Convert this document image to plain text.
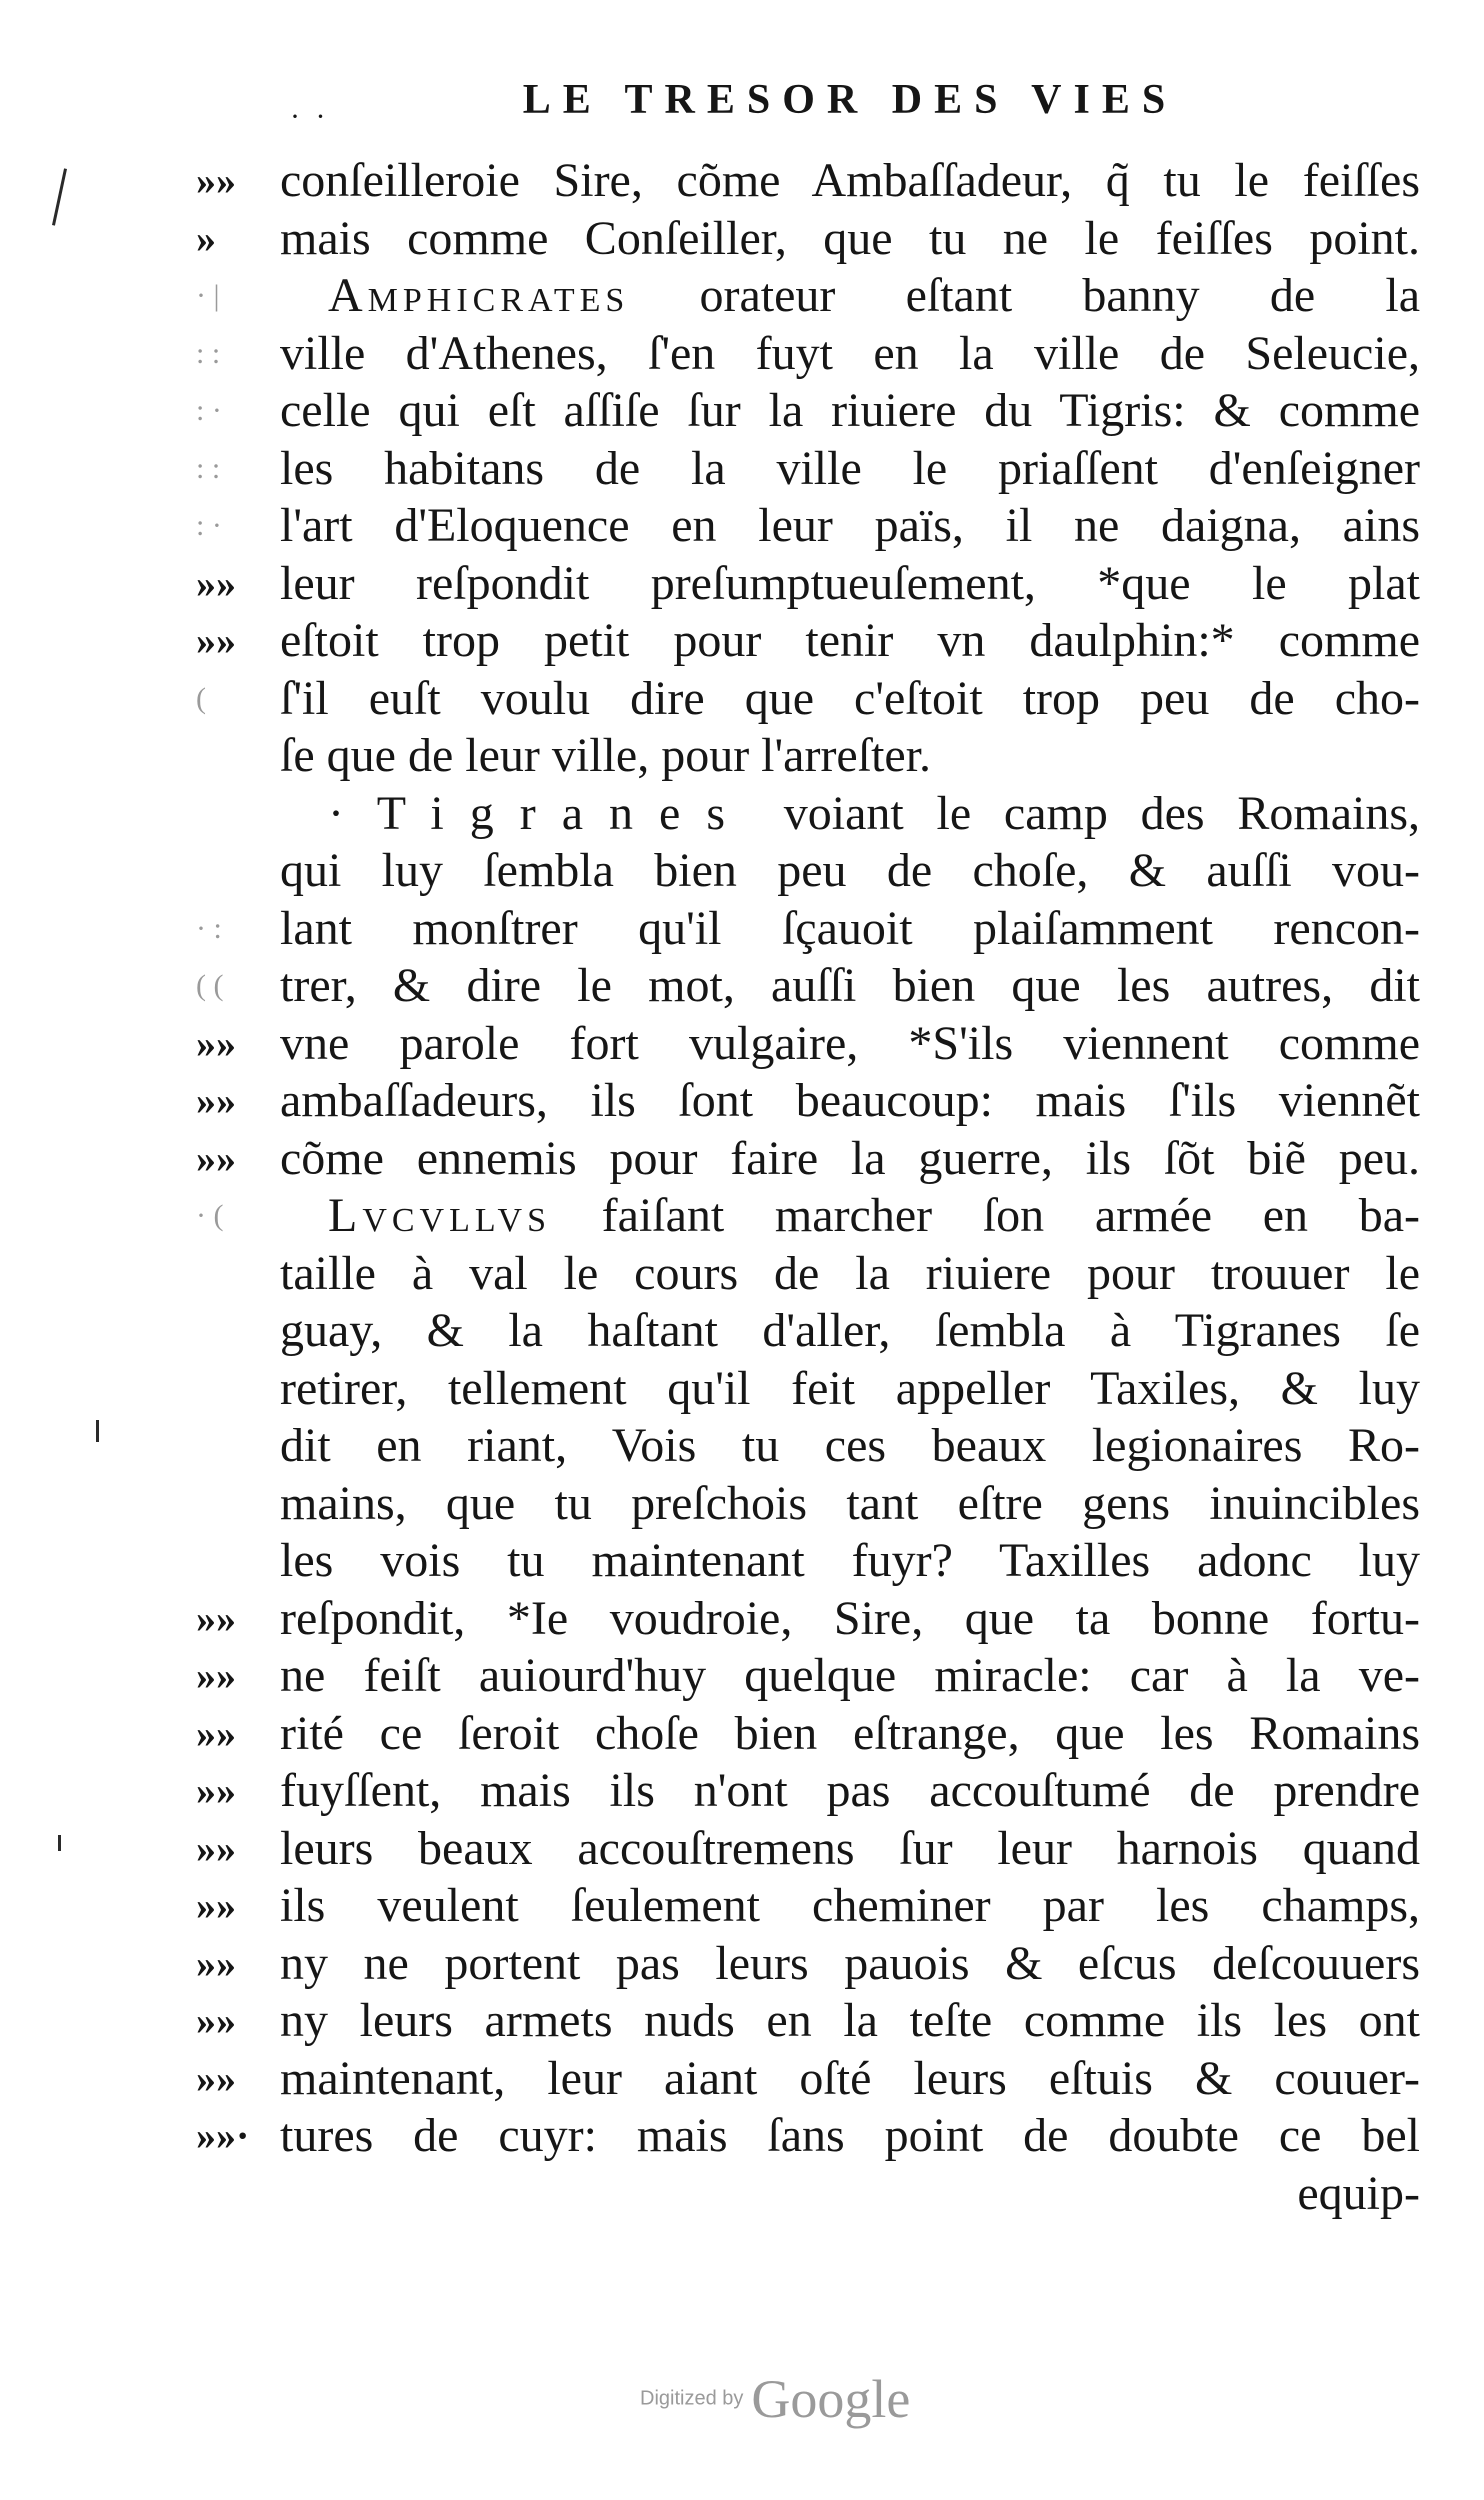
· ·	LE TRESOR DES VIES
»»
»
· |
: :
: ·
: :
: ·
»»
»»
(
· :
( (
»»
»»
»»
· (
»»
»»
»»
»»
»»
»»
»»
»»
»»
»»·
conſeilleroie Sire, cõme Ambaſſadeur, q̃ tu le feiſſes
mais comme Conſeiller, que tu ne le feiſſes point.
Amphicrates orateur eſtant banny de la
ville d'Athenes, ſ'en fuyt en la ville de Seleucie,
celle qui eſt aſſiſe ſur la riuiere du Tigris: & comme
les habitans de la ville le priaſſent d'enſeigner
l'art d'Eloquence en leur païs, il ne daigna, ains
leur reſpondit preſumptueuſement, *que le plat
eſtoit trop petit pour tenir vn daulphin:* comme
ſ'il euſt voulu dire que c'eſtoit trop peu de cho-
ſe que de leur ville, pour l'arreſter.
· Tigranes voiant le camp des Romains,
qui luy ſembla bien peu de choſe, & auſſi vou-
lant monſtrer qu'il ſçauoit plaiſamment rencon-
trer, & dire le mot, auſſi bien que les autres, dit
vne parole fort vulgaire, *S'ils viennent comme
ambaſſadeurs, ils ſont beaucoup: mais ſ'ils viennẽt
cõme ennemis pour faire la guerre, ils ſõt biẽ peu.
Lvcvllvs faiſant marcher ſon armée en ba-
taille à val le cours de la riuiere pour trouuer le
guay, & la haſtant d'aller, ſembla à Tigranes ſe
retirer, tellement qu'il feit appeller Taxiles, & luy
dit en riant, Vois tu ces beaux legionaires Ro-
mains, que tu preſchois tant eſtre gens inuincibles
les vois tu maintenant fuyr? Taxilles adonc luy
reſpondit, *Ie voudroie, Sire, que ta bonne fortu-
ne feiſt auiourd'huy quelque miracle: car à la ve-
rité ce ſeroit choſe bien eſtrange, que les Romains
fuyſſent, mais ils n'ont pas accouſtumé de prendre
leurs beaux accouſtremens ſur leur harnois quand
ils veulent ſeulement cheminer par les champs,
ny ne portent pas leurs pauois & eſcus deſcouuers
ny leurs armets nuds en la teſte comme ils les ont
maintenant, leur aiant oſté leurs eſtuis & couuer-
tures de cuyr: mais ſans point de doubte ce bel
equip-
Digitized by Google
